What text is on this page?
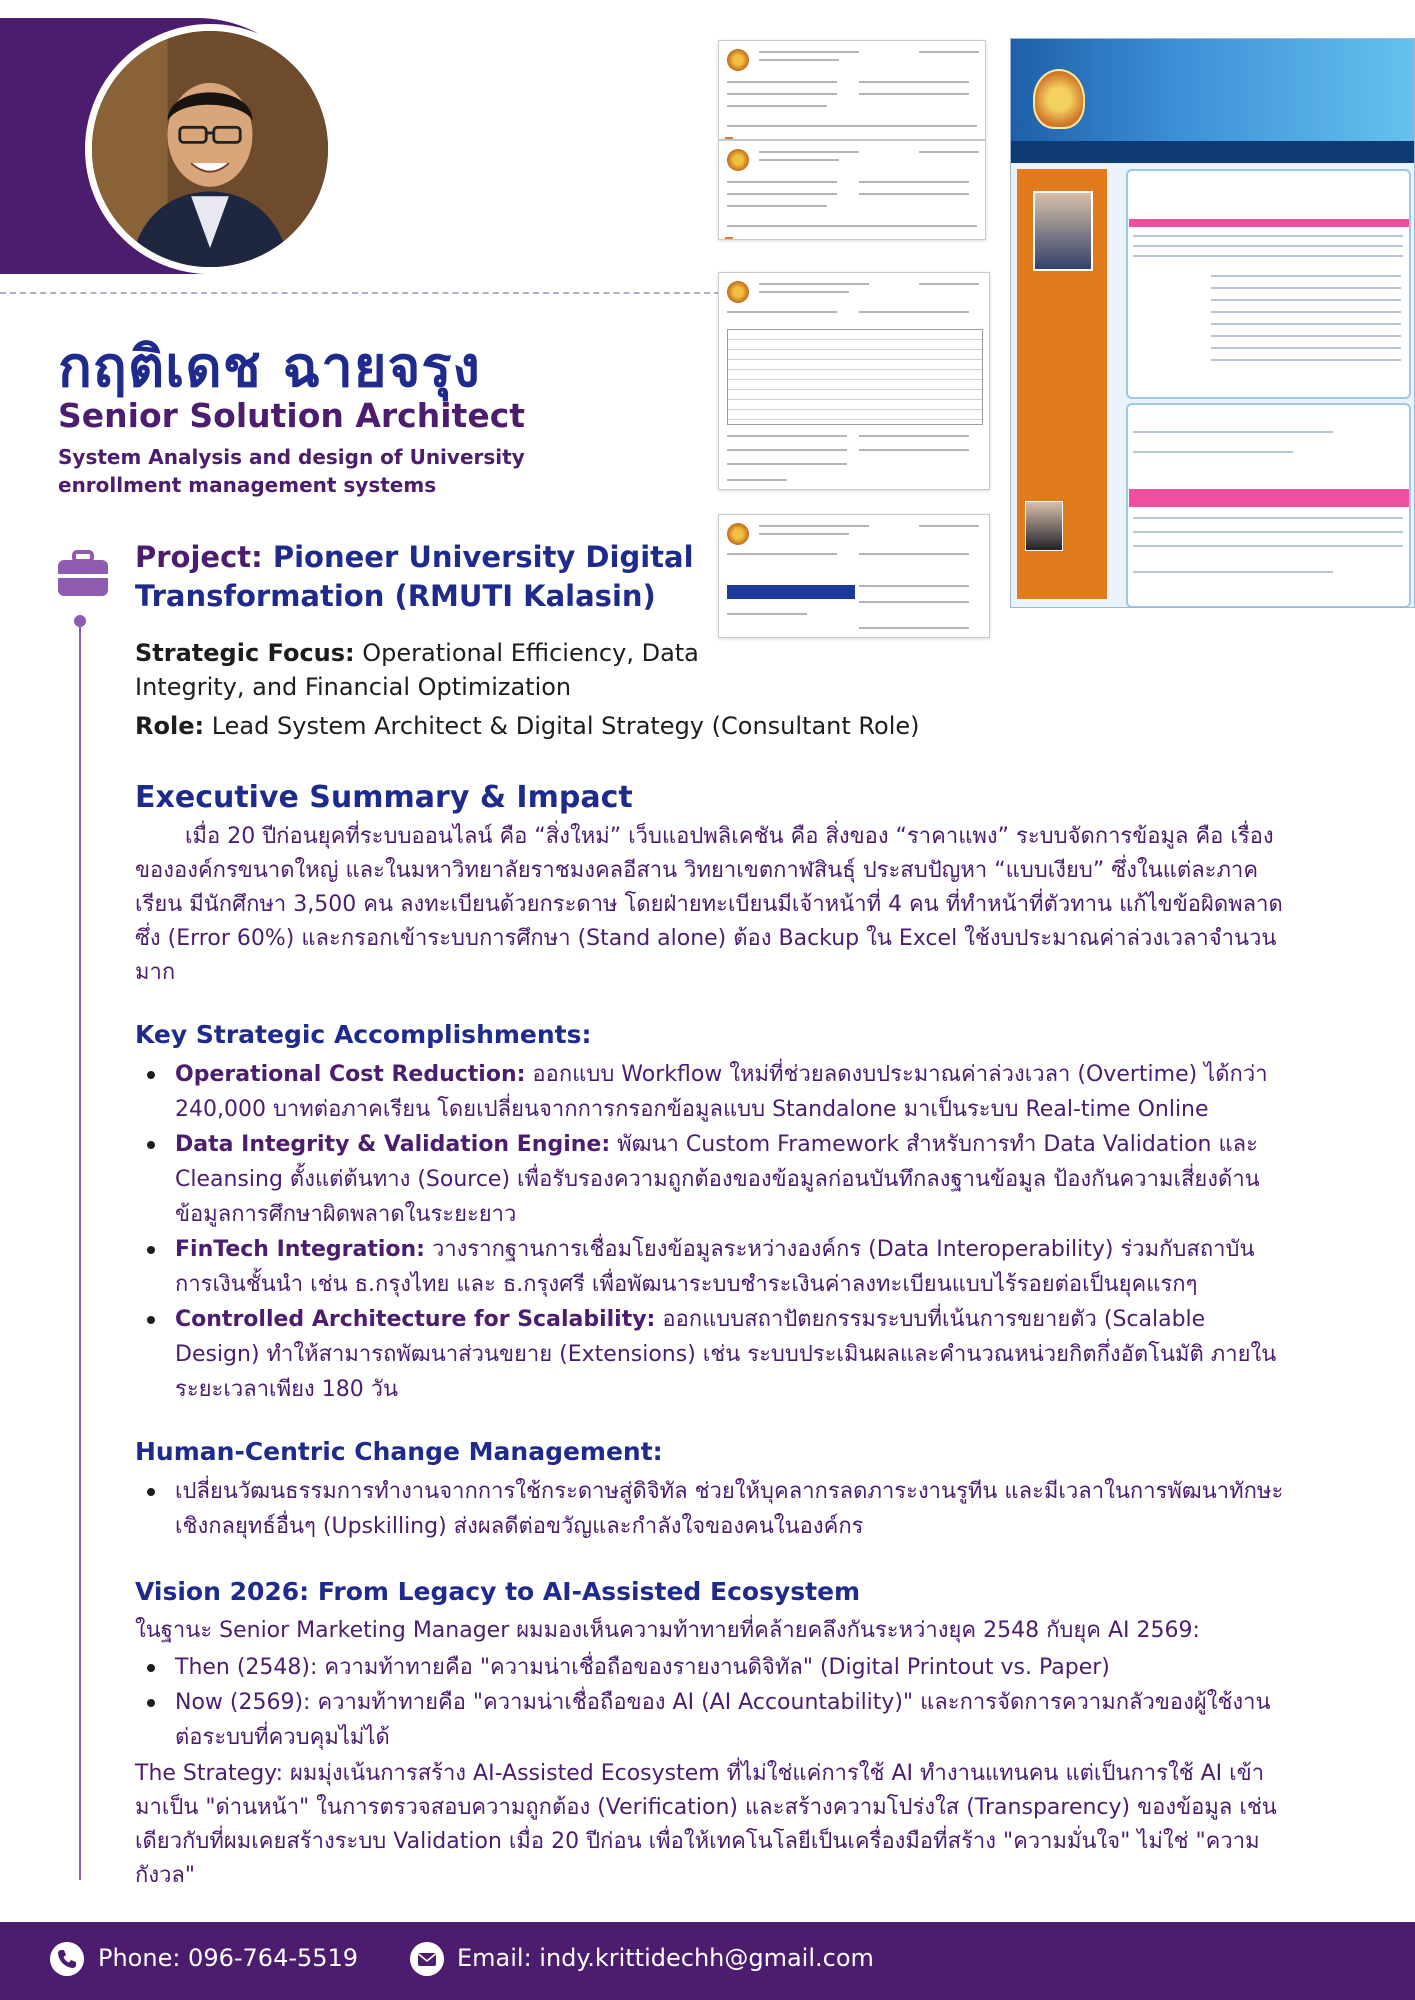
กฤติเดช ฉายจรุง
Senior Solution Architect
System Analysis and design of University enrollment management systems
Project: Pioneer University Digital Transformation (RMUTI Kalasin)
Strategic Focus: Operational Efficiency, Data Integrity, and Financial Optimization
Role: Lead System Architect & Digital Strategy (Consultant Role)
Executive Summary & Impact
เมื่อ 20 ปีก่อนยุคที่ระบบออนไลน์ คือ “สิ่งใหม่” เว็บแอปพลิเคชัน คือ สิ่งของ “ราคาแพง” ระบบจัดการข้อมูล คือ เรื่องขององค์กรขนาดใหญ่ และในมหาวิทยาลัยราชมงคลอีสาน วิทยาเขตกาฬสินธุ์ ประสบปัญหา “แบบเงียบ” ซึ่งในแต่ละภาคเรียน มีนักศึกษา 3,500 คน ลงทะเบียนด้วยกระดาษ โดยฝ่ายทะเบียนมีเจ้าหน้าที่ 4 คน ที่ทำหน้าที่ตัวทาน แก้ไขข้อผิดพลาดซึ่ง (Error 60%) และกรอกเข้าระบบการศึกษา (Stand alone) ต้อง Backup ใน Excel ใช้งบประมาณค่าล่วงเวลาจำนวนมาก
Key Strategic Accomplishments:
Operational Cost Reduction: ออกแบบ Workflow ใหม่ที่ช่วยลดงบประมาณค่าล่วงเวลา (Overtime) ได้กว่า 240,000 บาทต่อภาคเรียน โดยเปลี่ยนจากการกรอกข้อมูลแบบ Standalone มาเป็นระบบ Real-time Online
Data Integrity & Validation Engine: พัฒนา Custom Framework สำหรับการทำ Data Validation และ Cleansing ตั้งแต่ต้นทาง (Source) เพื่อรับรองความถูกต้องของข้อมูลก่อนบันทึกลงฐานข้อมูล ป้องกันความเสี่ยงด้านข้อมูลการศึกษาผิดพลาดในระยะยาว
FinTech Integration: วางรากฐานการเชื่อมโยงข้อมูลระหว่างองค์กร (Data Interoperability) ร่วมกับสถาบันการเงินชั้นนำ เช่น ธ.กรุงไทย และ ธ.กรุงศรี เพื่อพัฒนาระบบชำระเงินค่าลงทะเบียนแบบไร้รอยต่อเป็นยุคแรกๆ
Controlled Architecture for Scalability: ออกแบบสถาปัตยกรรมระบบที่เน้นการขยายตัว (Scalable Design) ทำให้สามารถพัฒนาส่วนขยาย (Extensions) เช่น ระบบประเมินผลและคำนวณหน่วยกิตกึ่งอัตโนมัติ ภายในระยะเวลาเพียง 180 วัน
Human-Centric Change Management:
เปลี่ยนวัฒนธรรมการทำงานจากการใช้กระดาษสู่ดิจิทัล ช่วยให้บุคลากรลดภาระงานรูทีน และมีเวลาในการพัฒนาทักษะเชิงกลยุทธ์อื่นๆ (Upskilling) ส่งผลดีต่อขวัญและกำลังใจของคนในองค์กร
Vision 2026: From Legacy to AI-Assisted Ecosystem
ในฐานะ Senior Marketing Manager ผมมองเห็นความท้าทายที่คล้ายคลึงกันระหว่างยุค 2548 กับยุค AI 2569:
Then (2548): ความท้าทายคือ "ความน่าเชื่อถือของรายงานดิจิทัล" (Digital Printout vs. Paper)
Now (2569): ความท้าทายคือ "ความน่าเชื่อถือของ AI (AI Accountability)" และการจัดการความกลัวของผู้ใช้งานต่อระบบที่ควบคุมไม่ได้
The Strategy: ผมมุ่งเน้นการสร้าง AI-Assisted Ecosystem ที่ไม่ใช่แค่การใช้ AI ทำงานแทนคน แต่เป็นการใช้ AI เข้ามาเป็น "ด่านหน้า" ในการตรวจสอบความถูกต้อง (Verification) และสร้างความโปร่งใส (Transparency) ของข้อมูล เช่นเดียวกับที่ผมเคยสร้างระบบ Validation เมื่อ 20 ปีก่อน เพื่อให้เทคโนโลยีเป็นเครื่องมือที่สร้าง "ความมั่นใจ" ไม่ใช่ "ความกังวล"
Phone: 096-764-5519	Email: indy.krittidechh@gmail.com
